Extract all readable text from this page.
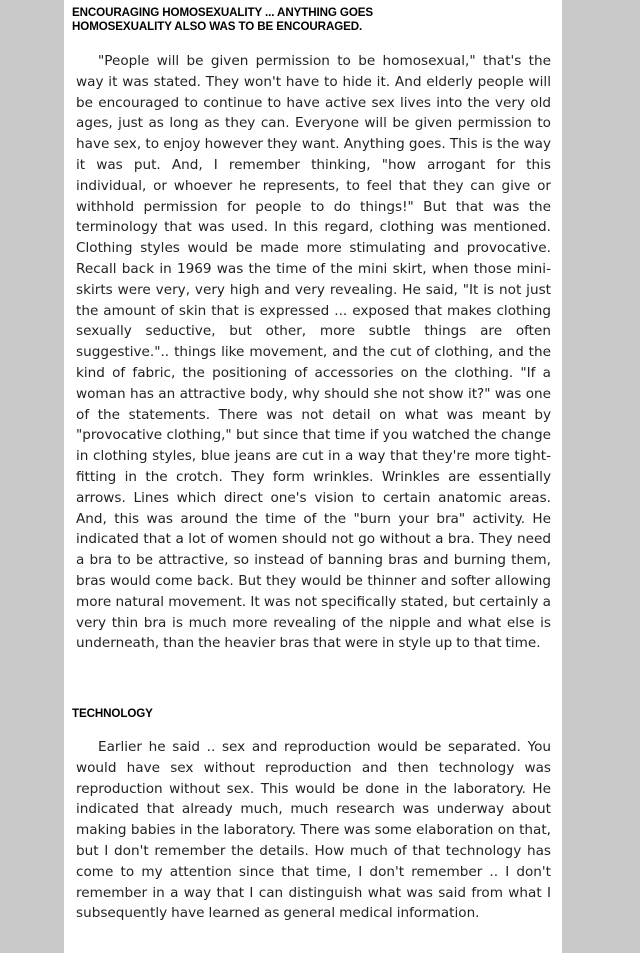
ENCOURAGING HOMOSEXUALITY ... ANYTHING GOES
HOMOSEXUALITY ALSO WAS TO BE ENCOURAGED.

"People will be given permission to be homosexual," that's the way it was stated. They won't have to hide it. And elderly people will be encouraged to continue to have active sex lives into the very old ages, just as long as they can. Everyone will be given permission to have sex, to enjoy however they want. Anything goes. This is the way it was put. And, I remember thinking, "how arrogant for this individual, or whoever he represents, to feel that they can give or withhold permission for people to do things!" But that was the terminology that was used. In this regard, clothing was mentioned. Clothing styles would be made more stimulating and provocative. Recall back in 1969 was the time of the mini skirt, when those mini-skirts were very, very high and very revealing. He said, "It is not just the amount of skin that is expressed ... exposed that makes clothing sexually seductive, but other, more subtle things are often suggestive.".. things like movement, and the cut of clothing, and the kind of fabric, the positioning of accessories on the clothing. "If a woman has an attractive body, why should she not show it?" was one of the statements. There was not detail on what was meant by "provocative clothing," but since that time if you watched the change in clothing styles, blue jeans are cut in a way that they're more tight-fitting in the crotch. They form wrinkles. Wrinkles are essentially arrows. Lines which direct one's vision to certain anatomic areas. And, this was around the time of the "burn your bra" activity. He indicated that a lot of women should not go without a bra. They need a bra to be attractive, so instead of banning bras and burning them, bras would come back. But they would be thinner and softer allowing more natural movement. It was not specifically stated, but certainly a very thin bra is much more revealing of the nipple and what else is underneath, than the heavier bras that were in style up to that time.

TECHNOLOGY

Earlier he said .. sex and reproduction would be separated. You would have sex without reproduction and then technology was reproduction without sex. This would be done in the laboratory. He indicated that already much, much research was underway about making babies in the laboratory. There was some elaboration on that, but I don't remember the details. How much of that technology has come to my attention since that time, I don't remember .. I don't remember in a way that I can distinguish what was said from what I subsequently have learned as general medical information.
